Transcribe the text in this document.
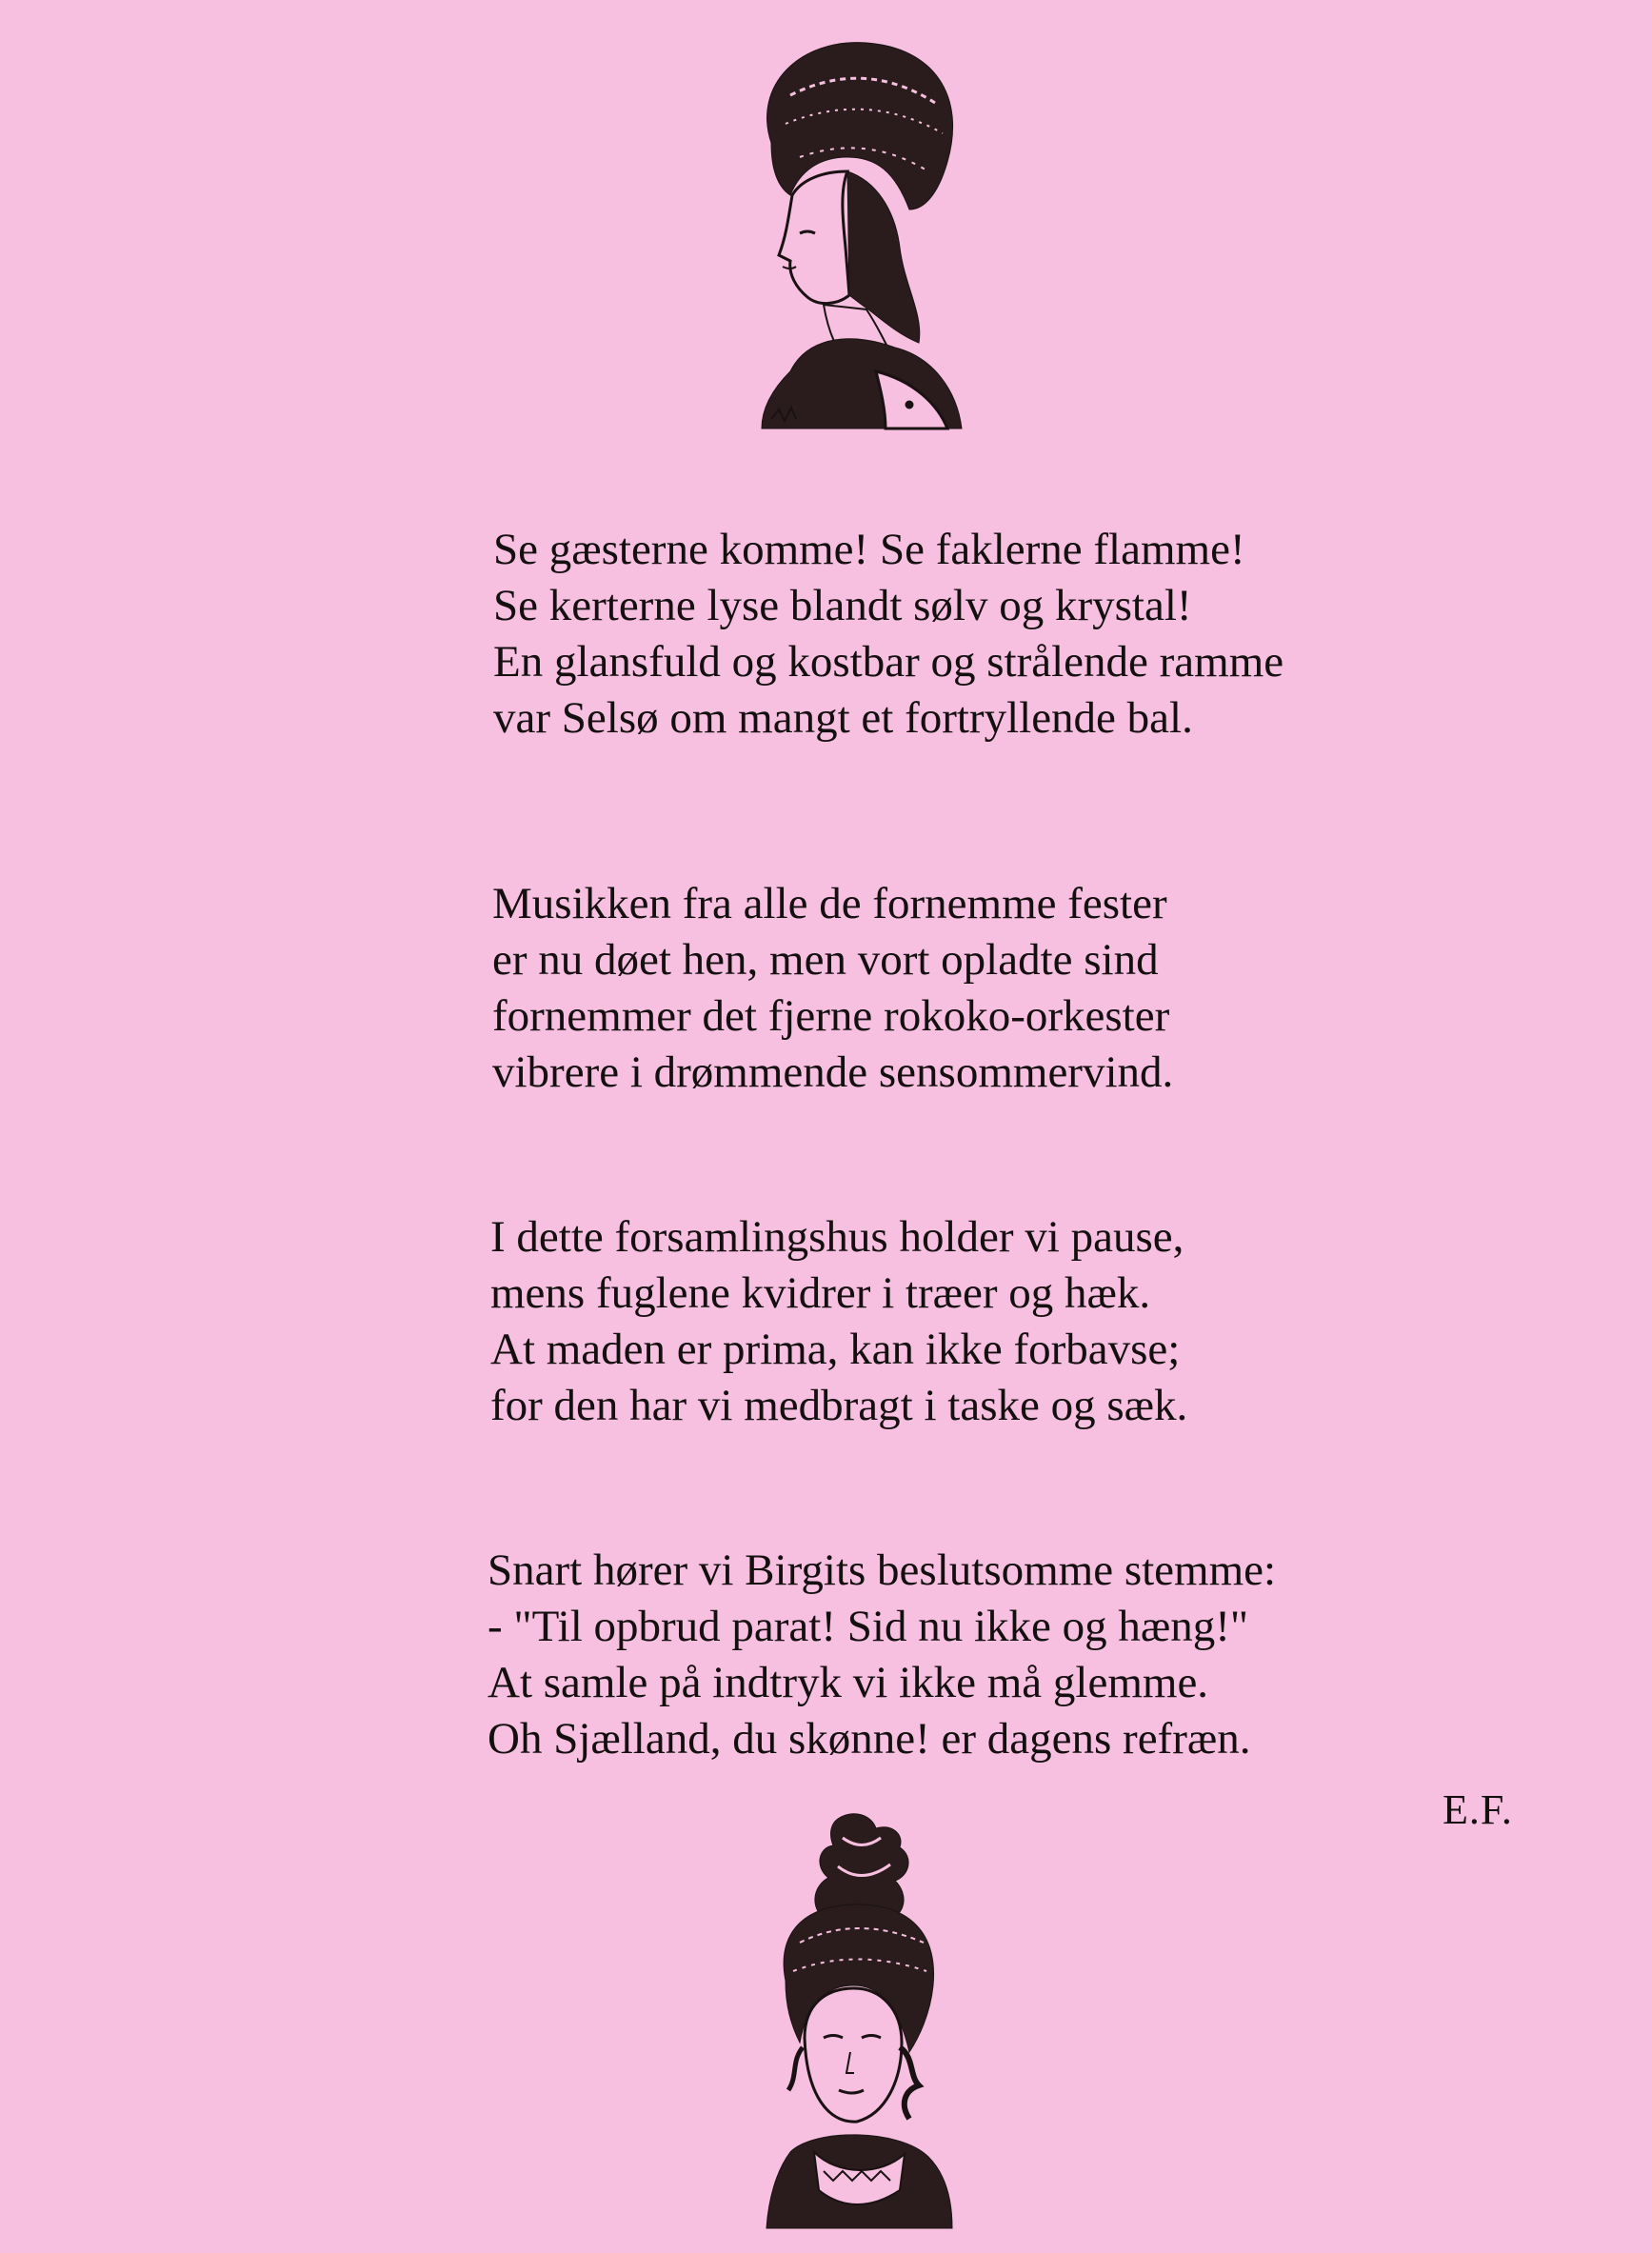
Se gæsterne komme! Se faklerne flamme!
Se kerterne lyse blandt sølv og krystal!
En glansfuld og kostbar og strålende ramme
var Selsø om mangt et fortryllende bal.
Musikken fra alle de fornemme fester
er nu døet hen, men vort opladte sind
fornemmer det fjerne rokoko-orkester
vibrere i drømmende sensommervind.
I dette forsamlingshus holder vi pause,
mens fuglene kvidrer i træer og hæk.
At maden er prima, kan ikke forbavse;
for den har vi medbragt i taske og sæk.
Snart hører vi Birgits beslutsomme stemme:
- "Til opbrud parat! Sid nu ikke og hæng!"
At samle på indtryk vi ikke må glemme.
Oh Sjælland, du skønne! er dagens refræn.
E.F.
